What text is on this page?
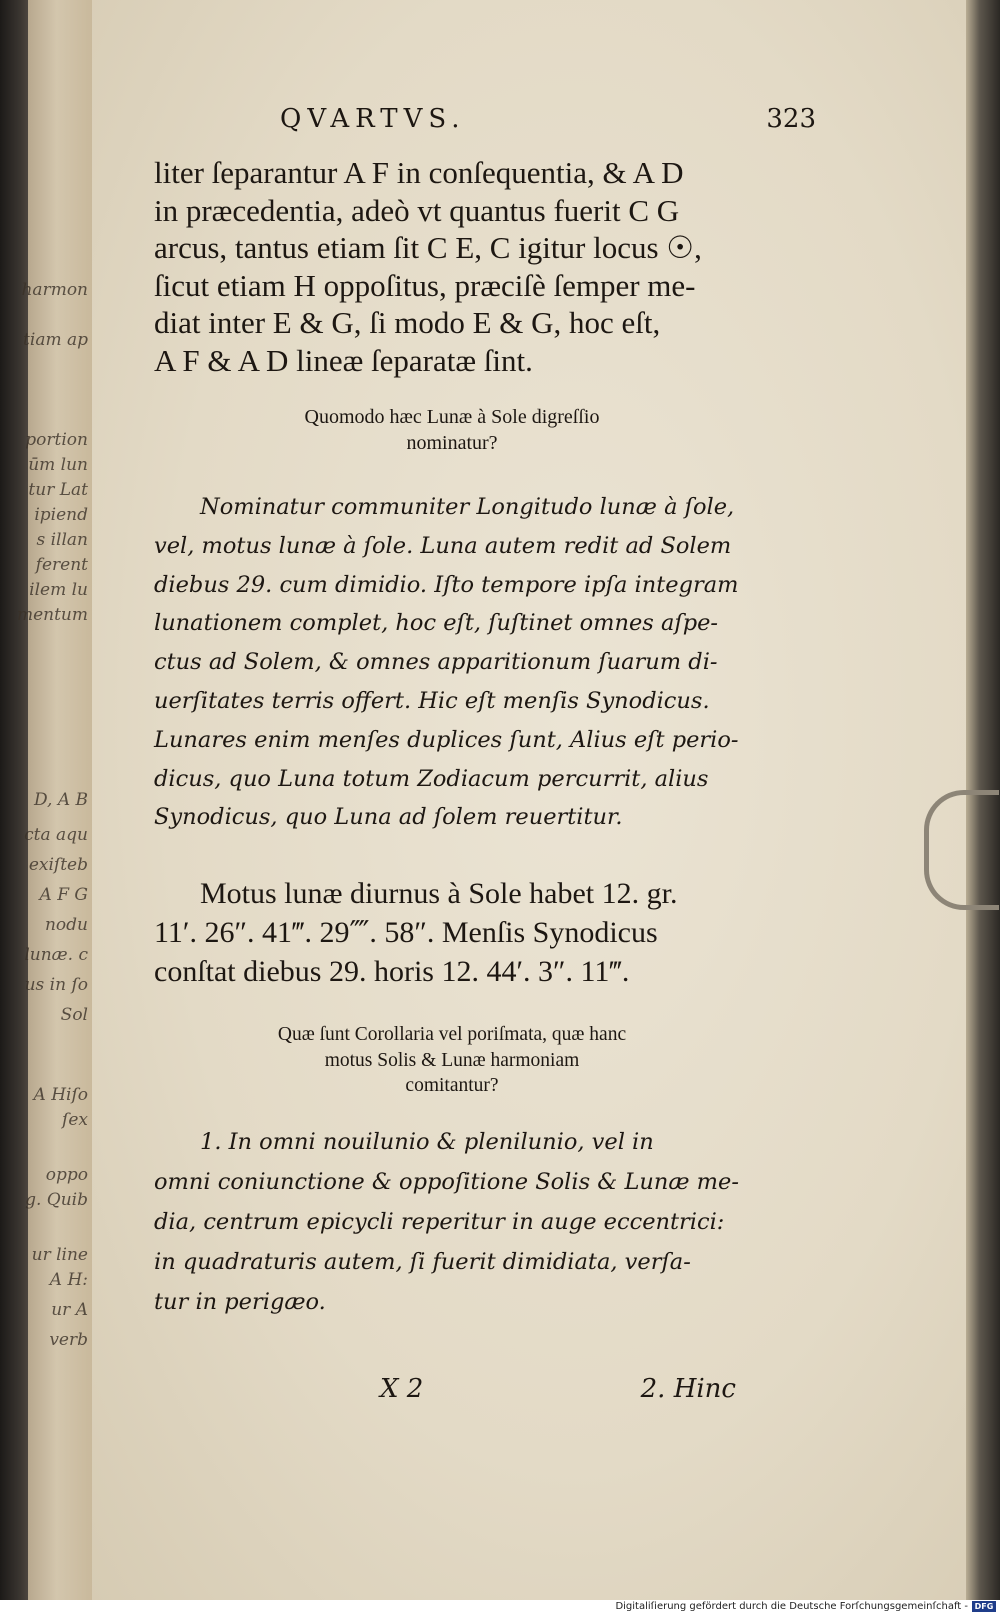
harmon
tiam ap
portion
ūm lun
tur Lat
ipiend
s illan
ferent
ilem lu
mentum
D, A B
cta aqu
exiſteb
A F G
nodu
lunæ. c
us in ſo
Sol
A Hiſo
ſex
oppo
g. Quib
ur line
A H:
ur A
verb
QVARTVS.	323
liter ſeparantur A F in conſequentia, & A D
in præcedentia, adeò vt quantus fuerit C G
arcus, tantus etiam ſit C E, C igitur locus ☉,
ſicut etiam H oppoſitus, præciſè ſemper me-
diat inter E & G, ſi modo E & G, hoc eſt,
A F & A D lineæ ſeparatæ ſint.
Quomodo hæc Lunæ à Sole digreſſio
nominatur?
Nominatur communiter Longitudo lunæ à ſole,
vel, motus lunæ à ſole. Luna autem redit ad Solem
diebus 29. cum dimidio. Iſto tempore ipſa integram
lunationem complet, hoc eſt, ſuſtinet omnes aſpe-
ctus ad Solem, & omnes apparitionum ſuarum di-
uerſitates terris offert. Hic eſt menſis Synodicus.
Lunares enim menſes duplices ſunt, Alius eſt perio-
dicus, quo Luna totum Zodiacum percurrit, alius
Synodicus, quo Luna ad ſolem reuertitur.
Motus lunæ diurnus à Sole habet 12. gr.
11′. 26″. 41‴. 29⁗. 58″. Menſis Synodicus
conſtat diebus 29. horis 12. 44′. 3″. 11‴.
Quæ ſunt Corollaria vel poriſmata, quæ hanc
motus Solis & Lunæ harmoniam
comitantur?
1. In omni nouilunio & plenilunio, vel in
omni coniunctione & oppoſitione Solis & Lunæ me-
dia, centrum epicycli reperitur in auge eccentrici:
in quadraturis autem, ſi fuerit dimidiata, verſa-
tur in perigæo.
X 2	2. Hinc
Digitaliſierung gefördert durch die Deutsche Forſchungsgemeinſchaft - DFG
